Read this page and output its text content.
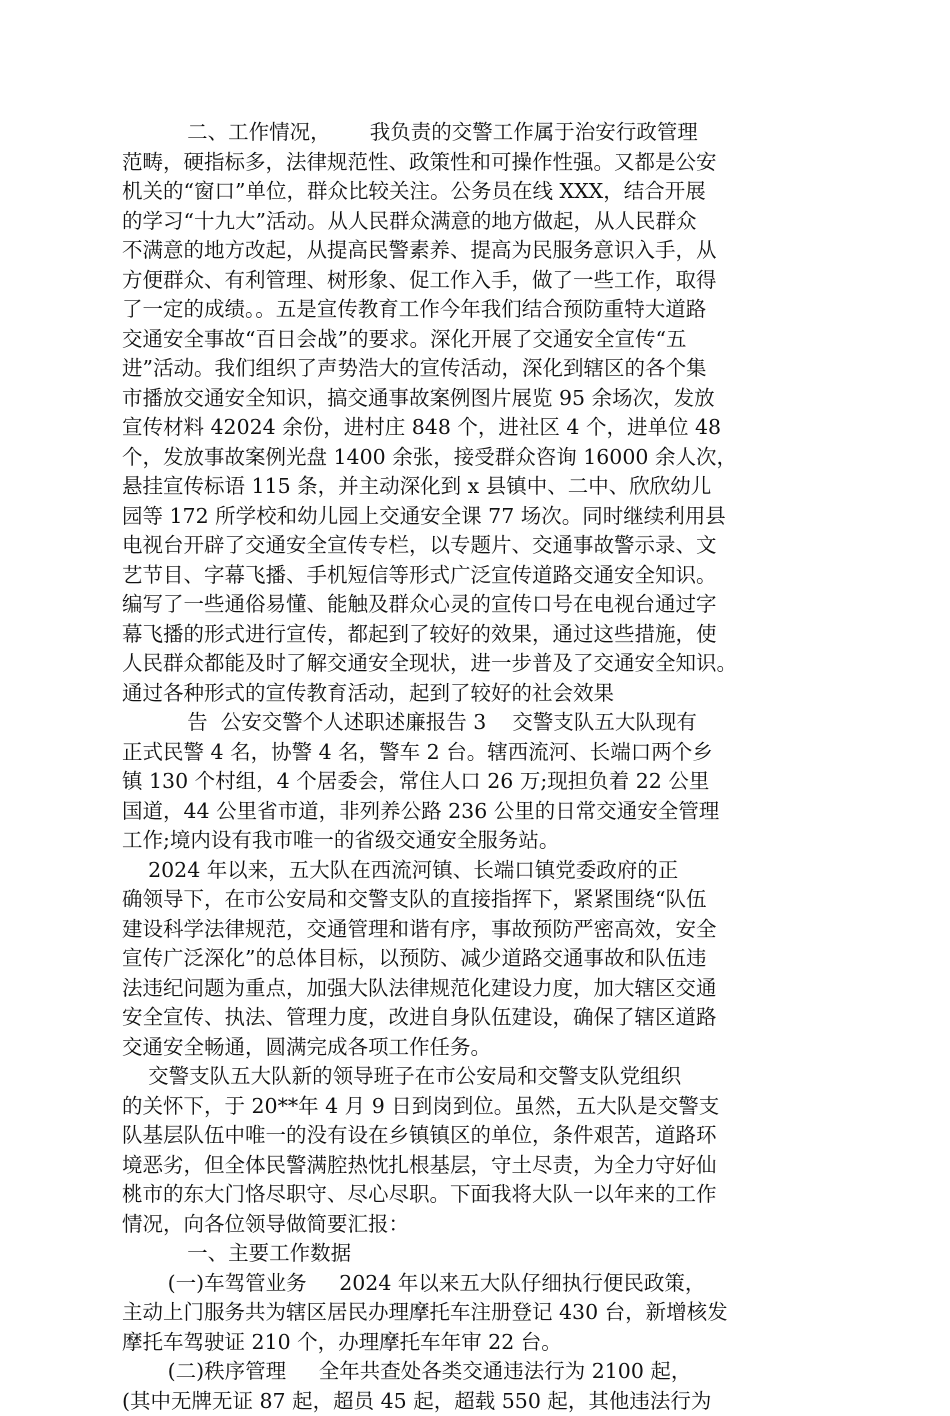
二、工作情况，      我负责的交警工作属于治安行政管理
范畴，硬指标多，法律规范性、政策性和可操作性强。又都是公安
机关的“窗口”单位，群众比较关注。公务员在线 XXX，结合开展
的学习“十九大”活动。从人民群众满意的地方做起，从人民群众
不满意的地方改起，从提高民警素养、提高为民服务意识入手，从
方便群众、有利管理、树形象、促工作入手，做了一些工作，取得
了一定的成绩。。五是宣传教育工作今年我们结合预防重特大道路
交通安全事故“百日会战”的要求。深化开展了交通安全宣传“五
进”活动。我们组织了声势浩大的宣传活动，深化到辖区的各个集
市播放交通安全知识，搞交通事故案例图片展览 95 余场次，发放
宣传材料 42024 余份，进村庄 848 个，进社区 4 个，进单位 48
个，发放事故案例光盘 1400 余张，接受群众咨询 16000 余人次，
悬挂宣传标语 115 条，并主动深化到 x 县镇中、二中、欣欣幼儿
园等 172 所学校和幼儿园上交通安全课 77 场次。同时继续利用县
电视台开辟了交通安全宣传专栏，以专题片、交通事故警示录、文
艺节目、字幕飞播、手机短信等形式广泛宣传道路交通安全知识。
编写了一些通俗易懂、能触及群众心灵的宣传口号在电视台通过字
幕飞播的形式进行宣传，都起到了较好的效果，通过这些措施，使
人民群众都能及时了解交通安全现状，进一步普及了交通安全知识。
通过各种形式的宣传教育活动，起到了较好的社会效果
告  公安交警个人述职述廉报告 3    交警支队五大队现有
正式民警 4 名，协警 4 名，警车 2 台。辖西流河、长端口两个乡
镇 130 个村组，4 个居委会，常住人口 26 万;现担负着 22 公里
国道，44 公里省市道，非列养公路 236 公里的日常交通安全管理
工作;境内设有我市唯一的省级交通安全服务站。
2024 年以来，五大队在西流河镇、长端口镇党委政府的正
确领导下，在市公安局和交警支队的直接指挥下，紧紧围绕“队伍
建设科学法律规范，交通管理和谐有序，事故预防严密高效，安全
宣传广泛深化”的总体目标，以预防、减少道路交通事故和队伍违
法违纪问题为重点，加强大队法律规范化建设力度，加大辖区交通
安全宣传、执法、管理力度，改进自身队伍建设，确保了辖区道路
交通安全畅通，圆满完成各项工作任务。
交警支队五大队新的领导班子在市公安局和交警支队党组织
的关怀下，于 20**年 4 月 9 日到岗到位。虽然，五大队是交警支
队基层队伍中唯一的没有设在乡镇镇区的单位，条件艰苦，道路环
境恶劣，但全体民警满腔热忱扎根基层，守土尽责，为全力守好仙
桃市的东大门恪尽职守、尽心尽职。下面我将大队一以年来的工作
情况，向各位领导做简要汇报：
一、主要工作数据
(一)车驾管业务     2024 年以来五大队仔细执行便民政策，
主动上门服务共为辖区居民办理摩托车注册登记 430 台，新增核发
摩托车驾驶证 210 个，办理摩托车年审 22 台。
(二)秩序管理     全年共查处各类交通违法行为 2100 起，
(其中无牌无证 87 起，超员 45 起，超载 550 起，其他违法行为
